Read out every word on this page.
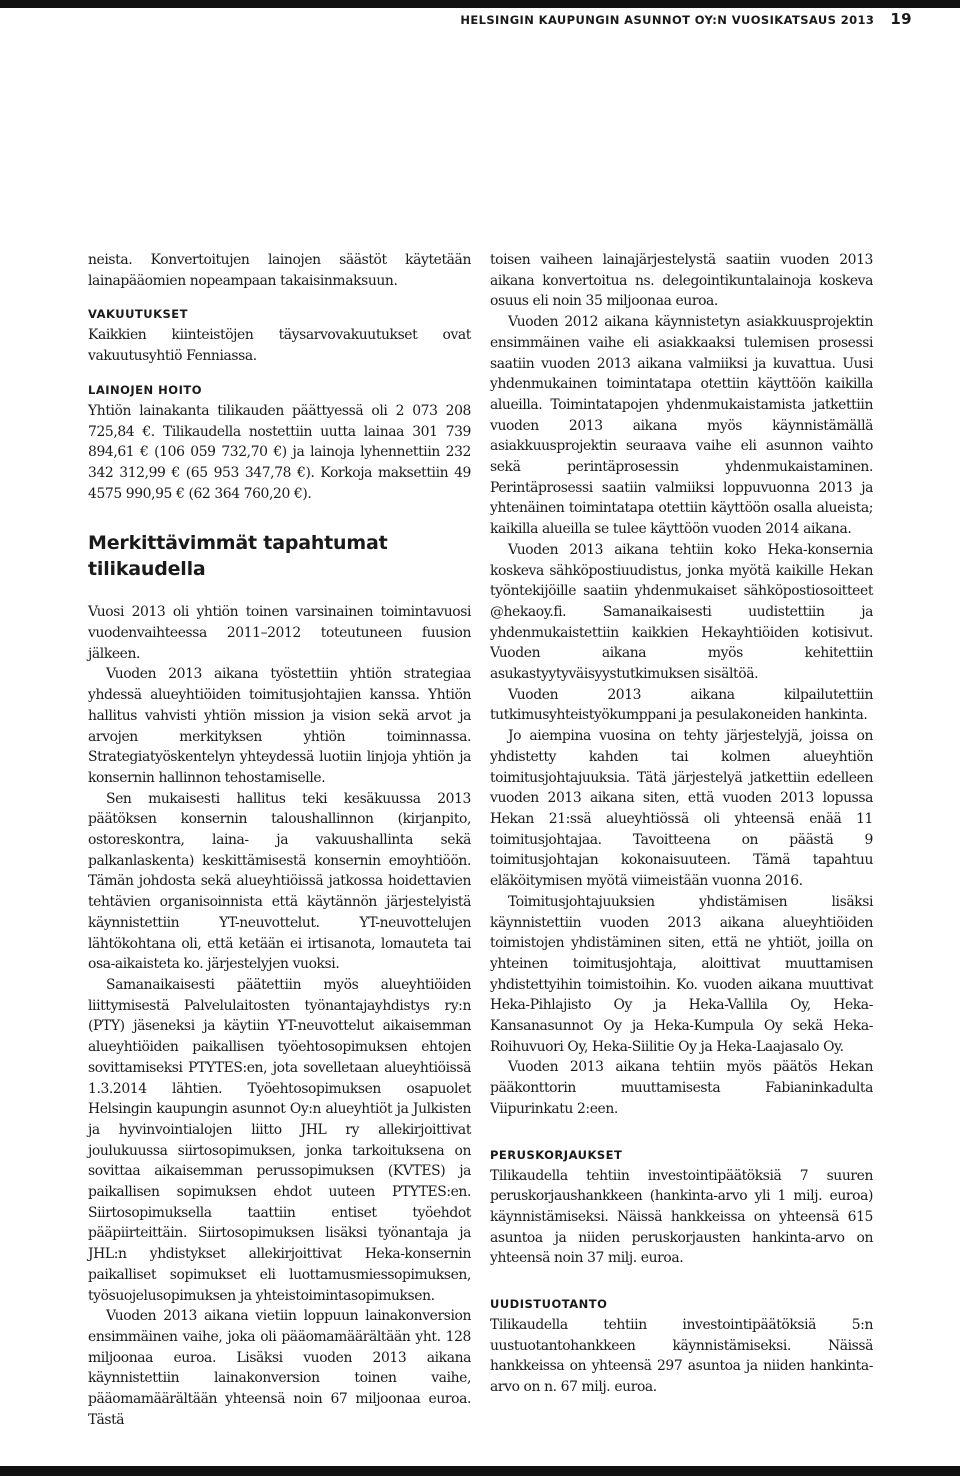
HELSINGIN KAUPUNGIN ASUNNOT OY:N VUOSIKATSAUS 2013 19

neista. Konvertoitujen lainojen säästöt käytetään lainapääomien nopeampaan takaisinmaksuun.

VAKUUTUKSET

Kaikkien kiinteistöjen täysarvovakuutukset ovat vakuutusyhtiö Fenniassa.

LAINOJEN HOITO

Yhtiön lainakanta tilikauden päättyessä oli 2 073 208 725,84 €. Tilikaudella nostettiin uutta lainaa 301 739 894,61 € (106 059 732,70 €) ja lainoja lyhennettiin 232 342 312,99 € (65 953 347,78 €). Korkoja maksettiin 49 4575 990,95 € (62 364 760,20 €).

Merkittävimmät tapahtumat tilikaudella

Vuosi 2013 oli yhtiön toinen varsinainen toimintavuosi vuodenvaihteessa 2011–2012 toteutuneen fuusion jälkeen.

Vuoden 2013 aikana työstettiin yhtiön strategiaa yhdessä alueyhtiöiden toimitusjohtajien kanssa. Yhtiön hallitus vahvisti yhtiön mission ja vision sekä arvot ja arvojen merkityksen yhtiön toiminnassa. Strategiatyöskentelyn yhteydessä luotiin linjoja yhtiön ja konsernin hallinnon tehostamiselle.

Sen mukaisesti hallitus teki kesäkuussa 2013 päätöksen konsernin taloushallinnon (kirjanpito, ostoreskontra, laina- ja vakuushallinta sekä palkanlaskenta) keskittämisestä konsernin emoyhtiöön. Tämän johdosta sekä alueyhtiöissä jatkossa hoidettavien tehtävien organisoinnista että käytännön järjestelyistä käynnistettiin YT-neuvottelut. YT-neuvottelujen lähtökohtana oli, että ketään ei irtisanota, lomauteta tai osa-aikaisteta ko. järjestelyjen vuoksi.

Samanaikaisesti päätettiin myös alueyhtiöiden liittymisestä Palvelulaitosten työnantajayhdistys ry:n (PTY) jäseneksi ja käytiin YT-neuvottelut aikaisemman alueyhtiöiden paikallisen työehtosopimuksen ehtojen sovittamiseksi PTYTES:en, jota sovelletaan alueyhtiöissä 1.3.2014 lähtien. Työehtosopimuksen osapuolet Helsingin kaupungin asunnot Oy:n alueyhtiöt ja Julkisten ja hyvinvointialojen liitto JHL ry allekirjoittivat joulukuussa siirtosopimuksen, jonka tarkoituksena on sovittaa aikaisemman perussopimuksen (KVTES) ja paikallisen sopimuksen ehdot uuteen PTYTES:en. Siirtosopimuksella taattiin entiset työehdot pääpiirteittäin. Siirtosopimuksen lisäksi työnantaja ja JHL:n yhdistykset allekirjoittivat Heka-konsernin paikalliset sopimukset eli luottamusmiessopimuksen, työsuojelusopimuksen ja yhteistoimintasopimuksen.

Vuoden 2013 aikana vietiin loppuun lainakonversion ensimmäinen vaihe, joka oli pääomamäärältään yht. 128 miljoonaa euroa. Lisäksi vuoden 2013 aikana käynnistettiin lainakonversion toinen vaihe, pääomamäärältään yhteensä noin 67 miljoonaa euroa. Tästä

toisen vaiheen lainajärjestelystä saatiin vuoden 2013 aikana konvertoitua ns. delegointikuntalainoja koskeva osuus eli noin 35 miljoonaa euroa.

Vuoden 2012 aikana käynnistetyn asiakkuusprojektin ensimmäinen vaihe eli asiakkaaksi tulemisen prosessi saatiin vuoden 2013 aikana valmiiksi ja kuvattua. Uusi yhdenmukainen toimintatapa otettiin käyttöön kaikilla alueilla. Toimintatapojen yhdenmukaistamista jatkettiin vuoden 2013 aikana myös käynnistämällä asiakkuusprojektin seuraava vaihe eli asunnon vaihto sekä perintäprosessin yhdenmukaistaminen. Perintäprosessi saatiin valmiiksi loppuvuonna 2013 ja yhtenäinen toimintatapa otettiin käyttöön osalla alueista; kaikilla alueilla se tulee käyttöön vuoden 2014 aikana.

Vuoden 2013 aikana tehtiin koko Heka-konsernia koskeva sähköpostiuudistus, jonka myötä kaikille Hekan työntekijöille saatiin yhdenmukaiset sähköpostiosoitteet @hekaoy.fi. Samanaikaisesti uudistettiin ja yhdenmukaistettiin kaikkien Hekayhtiöiden kotisivut. Vuoden aikana myös kehitettiin asukastyytyväisyystutkimuksen sisältöä.

Vuoden 2013 aikana kilpailutettiin tutkimusyhteistyökumppani ja pesulakoneiden hankinta.

Jo aiempina vuosina on tehty järjestelyjä, joissa on yhdistetty kahden tai kolmen alueyhtiön toimitusjohtajuuksia. Tätä järjestelyä jatkettiin edelleen vuoden 2013 aikana siten, että vuoden 2013 lopussa Hekan 21:ssä alueyhtiössä oli yhteensä enää 11 toimitusjohtajaa. Tavoitteena on päästä 9 toimitusjohtajan kokonaisuuteen. Tämä tapahtuu eläköitymisen myötä viimeistään vuonna 2016.

Toimitusjohtajuuksien yhdistämisen lisäksi käynnistettiin vuoden 2013 aikana alueyhtiöiden toimistojen yhdistäminen siten, että ne yhtiöt, joilla on yhteinen toimitusjohtaja, aloittivat muuttamisen yhdistettyihin toimistoihin. Ko. vuoden aikana muuttivat Heka-Pihlajisto Oy ja Heka-Vallila Oy, Heka-Kansanasunnot Oy ja Heka-Kumpula Oy sekä Heka-Roihuvuori Oy, Heka-Siilitie Oy ja Heka-Laajasalo Oy.

Vuoden 2013 aikana tehtiin myös päätös Hekan pääkonttorin muuttamisesta Fabianinkadulta Viipurinkatu 2:een.

PERUSKORJAUKSET

Tilikaudella tehtiin investointipäätöksiä 7 suuren peruskorjaushankkeen (hankinta-arvo yli 1 milj. euroa) käynnistämiseksi. Näissä hankkeissa on yhteensä 615 asuntoa ja niiden peruskorjausten hankinta-arvo on yhteensä noin 37 milj. euroa.

UUDISTUOTANTO

Tilikaudella tehtiin investointipäätöksiä 5:n uustuotantohankkeen käynnistämiseksi. Näissä hankkeissa on yhteensä 297 asuntoa ja niiden hankinta-arvo on n. 67 milj. euroa.
